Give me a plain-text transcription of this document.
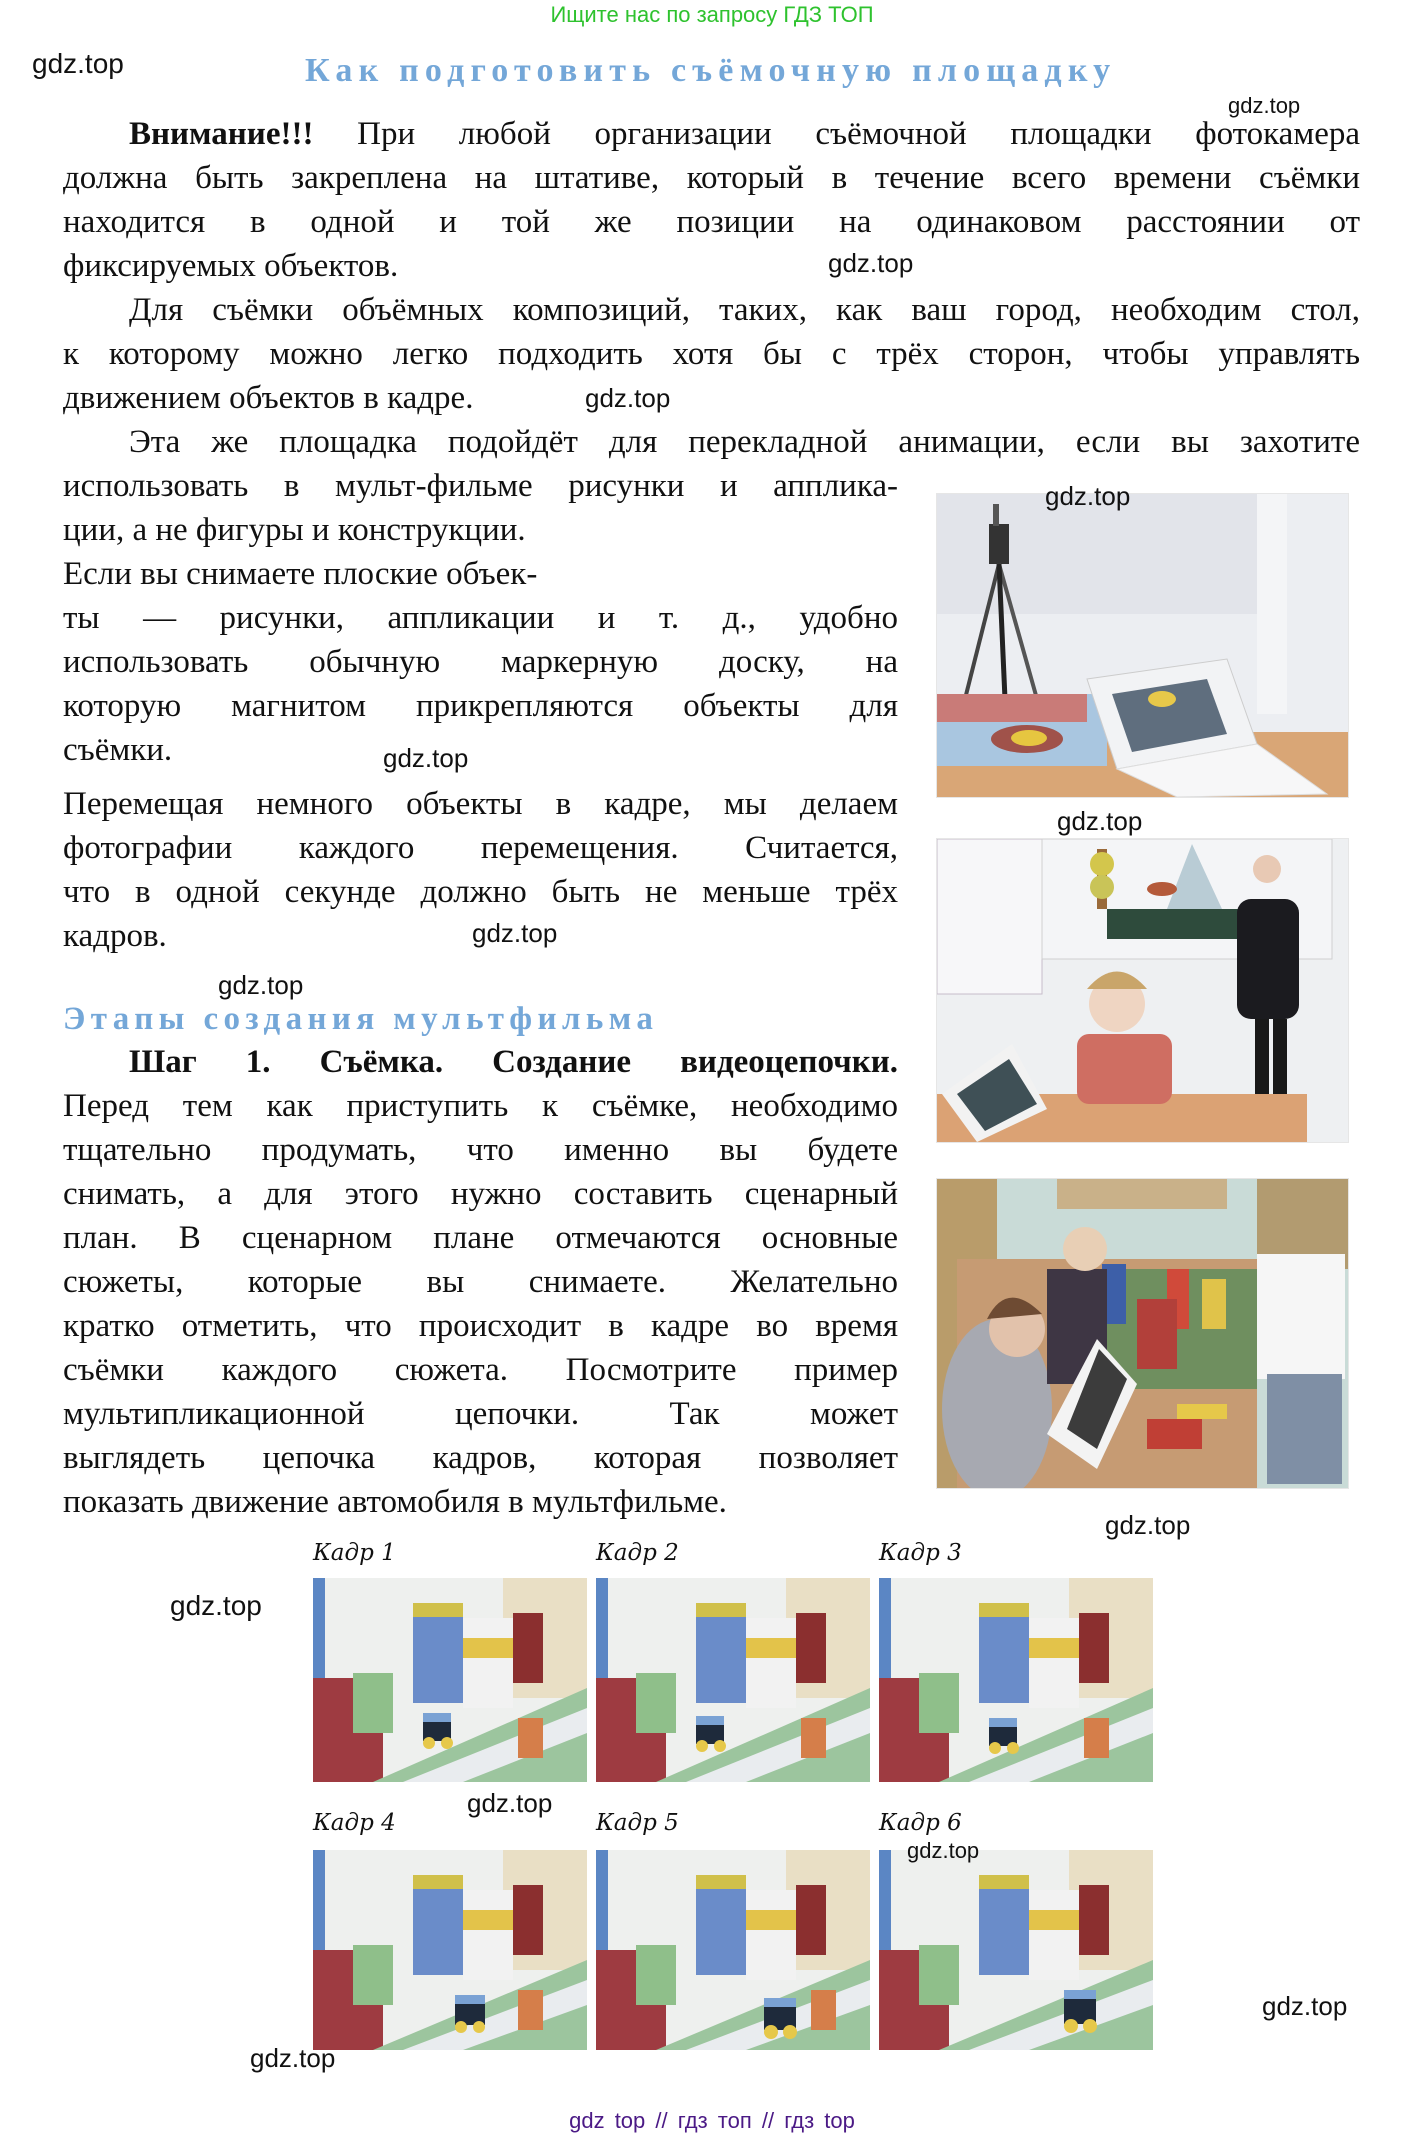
Ищите нас по запросу ГДЗ ТОП
Как подготовить съёмочную площадку
Внимание!!! При любой организации съёмочной площадки фотокамера
должна быть закреплена на штативе, который в течение всего времени съёмки
находится в одной и той же позиции на одинаковом расстоянии от
фиксируемых объектов.
Для съёмки объёмных композиций, таких, как ваш город, необходим стол,
к которому можно легко подходить хотя бы с трёх сторон, чтобы управлять
движением объектов в кадре.
Эта же площадка подойдёт для перекладной анимации, если вы захотите
использовать в мульт-фильме рисунки и апплика-
ции, а не фигуры и конструкции.
Если вы снимаете плоские объек-
ты — рисунки, аппликации и т. д., удобно
использовать обычную маркерную доску, на
которую магнитом прикрепляются объекты для
съёмки.
Перемещая немного объекты в кадре, мы делаем
фотографии каждого перемещения. Считается,
что в одной секунде должно быть не меньше трёх
кадров.
Этапы создания мультфильма
Шаг 1. Съёмка. Создание видеоцепочки.
Перед тем как приступить к съёмке, необходимо
тщательно продумать, что именно вы будете
снимать, а для этого нужно составить сценарный
план. В сценарном плане отмечаются основные
сюжеты, которые вы снимаете. Желательно
кратко отметить, что происходит в кадре во время
съёмки каждого сюжета. Посмотрите пример
мультипликационной цепочки. Так может
выглядеть цепочка кадров, которая позволяет
показать движение автомобиля в мультфильме.
Кадр 1	Кадр 2	Кадр 3
Кадр 4	Кадр 5	Кадр 6
gdz.top
gdz.top
gdz.top
gdz.top
gdz.top
gdz.top
gdz.top
gdz.top
gdz.top
gdz.top
gdz.top
gdz.top
gdz.top
gdz.top
gdz.top
gdz top // гдз топ // гдз top
